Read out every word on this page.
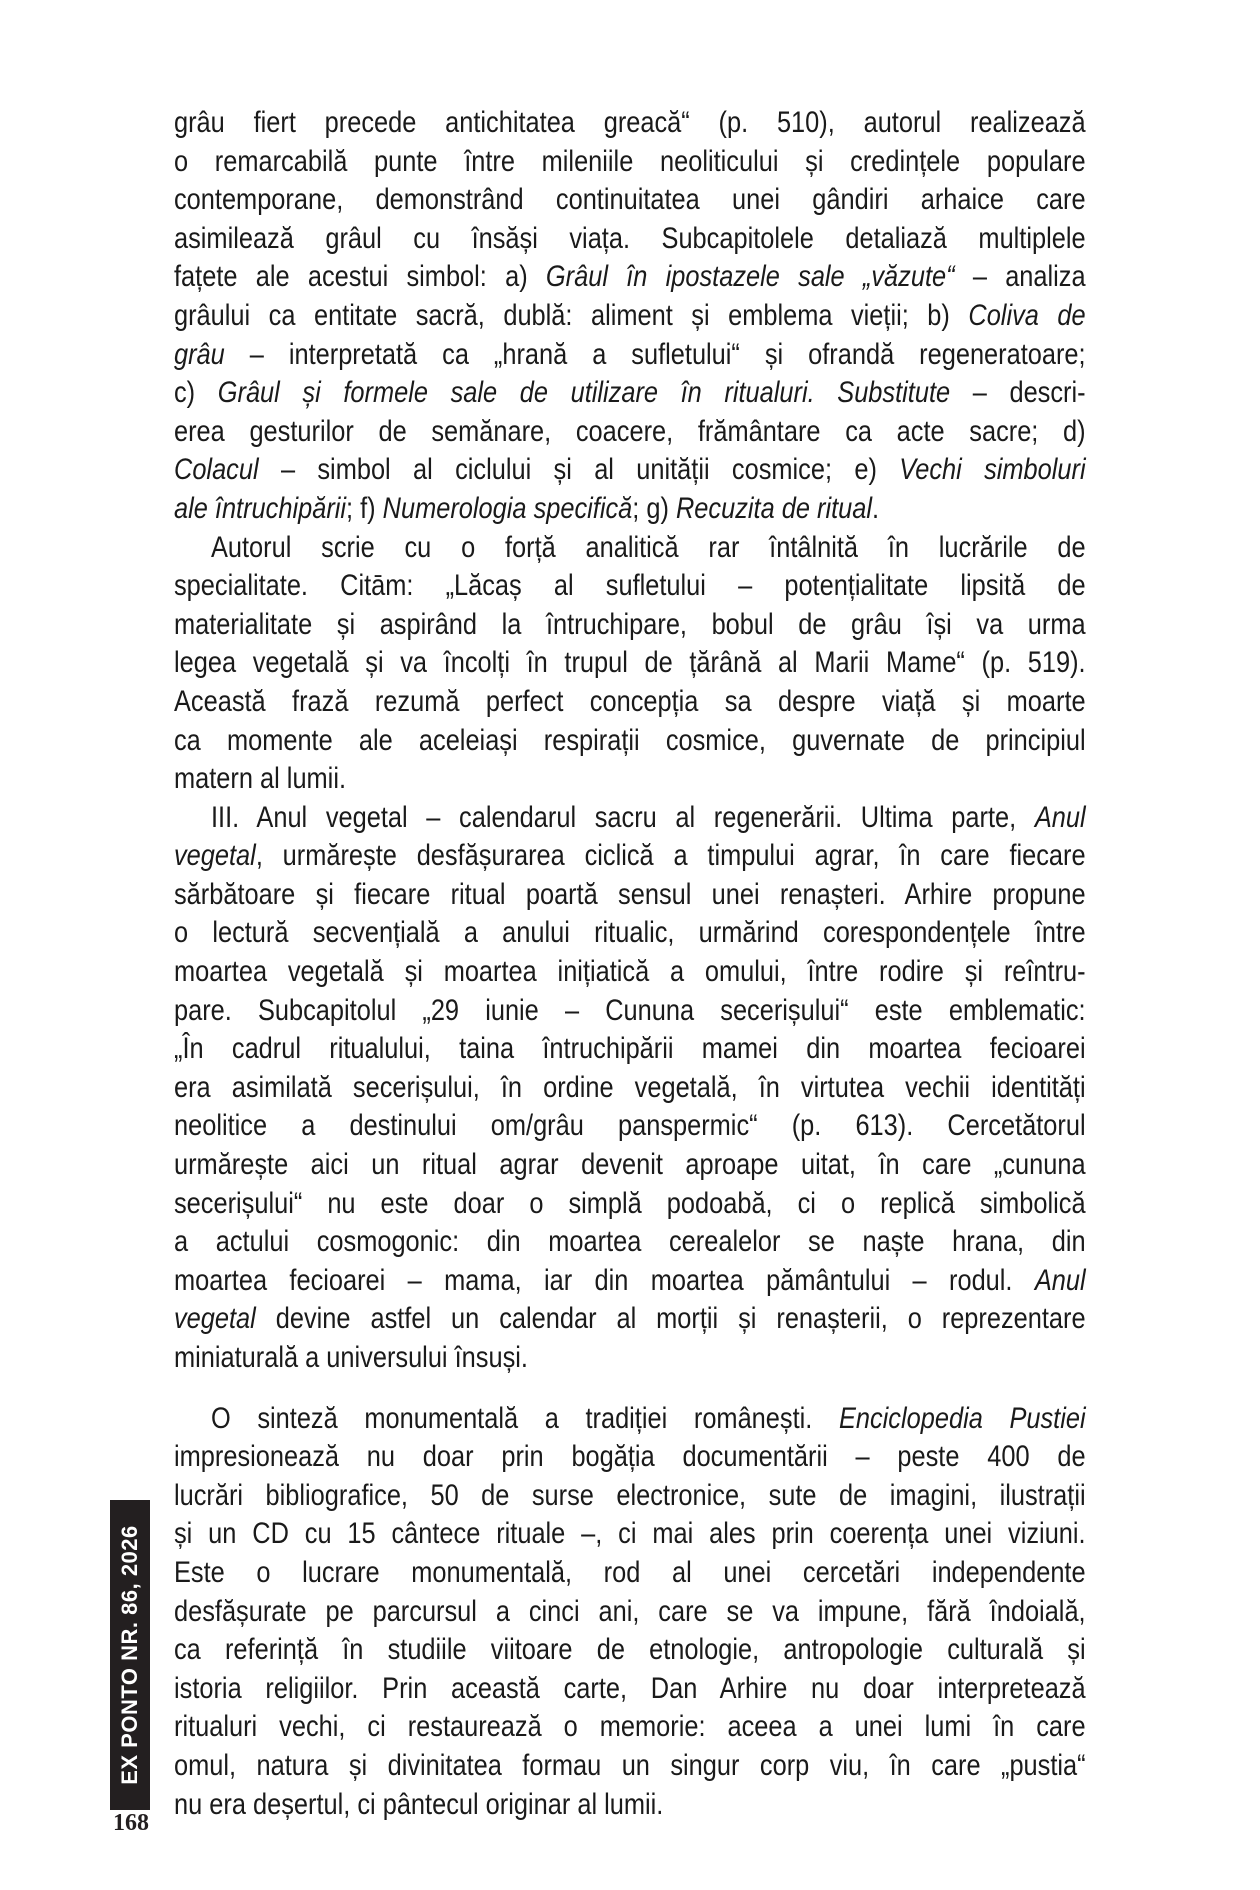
grâu fiert precede antichitatea greacă“ (p. 510), autorul realizează
o remarcabilă punte între mileniile neoliticului și credințele populare
contemporane, demonstrând continuitatea unei gândiri arhaice care
asimilează grâul cu însăși viața. Subcapitolele detaliază multiplele
fațete ale acestui simbol: a) Grâul în ipostazele sale „văzute“ – analiza
grâului ca entitate sacră, dublă: aliment și emblema vieții; b) Coliva de
grâu – interpretată ca „hrană a sufletului“ și ofrandă regeneratoare;
c) Grâul și formele sale de utilizare în ritualuri. Substitute – descri-
erea gesturilor de semănare, coacere, frământare ca acte sacre; d)
Colacul – simbol al ciclului și al unității cosmice; e) Vechi simboluri
ale întruchipării; f) Numerologia specifică; g) Recuzita de ritual.
Autorul scrie cu o forță analitică rar întâlnită în lucrările de
specialitate. Citām: „Lăcaș al sufletului – potențialitate lipsită de
materialitate și aspirând la întruchipare, bobul de grâu își va urma
legea vegetală și va încolți în trupul de țărână al Marii Mame“ (p. 519).
Această frază rezumă perfect concepția sa despre viață și moarte
ca momente ale aceleiași respirații cosmice, guvernate de principiul
matern al lumii.
III. Anul vegetal – calendarul sacru al regenerării. Ultima parte, Anul
vegetal, urmărește desfășurarea ciclică a timpului agrar, în care fiecare
sărbătoare și fiecare ritual poartă sensul unei renașteri. Arhire propune
o lectură secvențială a anului ritualic, urmărind corespondențele între
moartea vegetală și moartea inițiatică a omului, între rodire și reîntru-
pare. Subcapitolul „29 iunie – Cununa secerișului“ este emblematic:
„În cadrul ritualului, taina întruchipării mamei din moartea fecioarei
era asimilată secerișului, în ordine vegetală, în virtutea vechii identități
neolitice a destinului om/grâu panspermic“ (p. 613). Cercetătorul
urmărește aici un ritual agrar devenit aproape uitat, în care „cununa
secerișului“ nu este doar o simplă podoabă, ci o replică simbolică
a actului cosmogonic: din moartea cerealelor se naște hrana, din
moartea fecioarei – mama, iar din moartea pământului – rodul. Anul
vegetal devine astfel un calendar al morții și renașterii, o reprezentare
miniaturală a universului însuși.
O sinteză monumentală a tradiției românești. Enciclopedia Pustiei
impresionează nu doar prin bogăția documentării – peste 400 de
lucrări bibliografice, 50 de surse electronice, sute de imagini, ilustrații
și un CD cu 15 cântece rituale –, ci mai ales prin coerența unei viziuni.
Este o lucrare monumentală, rod al unei cercetări independente
desfășurate pe parcursul a cinci ani, care se va impune, fără îndoială,
ca referință în studiile viitoare de etnologie, antropologie culturală și
istoria religiilor. Prin această carte, Dan Arhire nu doar interpretează
ritualuri vechi, ci restaurează o memorie: aceea a unei lumi în care
omul, natura și divinitatea formau un singur corp viu, în care „pustia“
nu era deșertul, ci pântecul originar al lumii.
EX PONTO NR. 86, 2026
168
